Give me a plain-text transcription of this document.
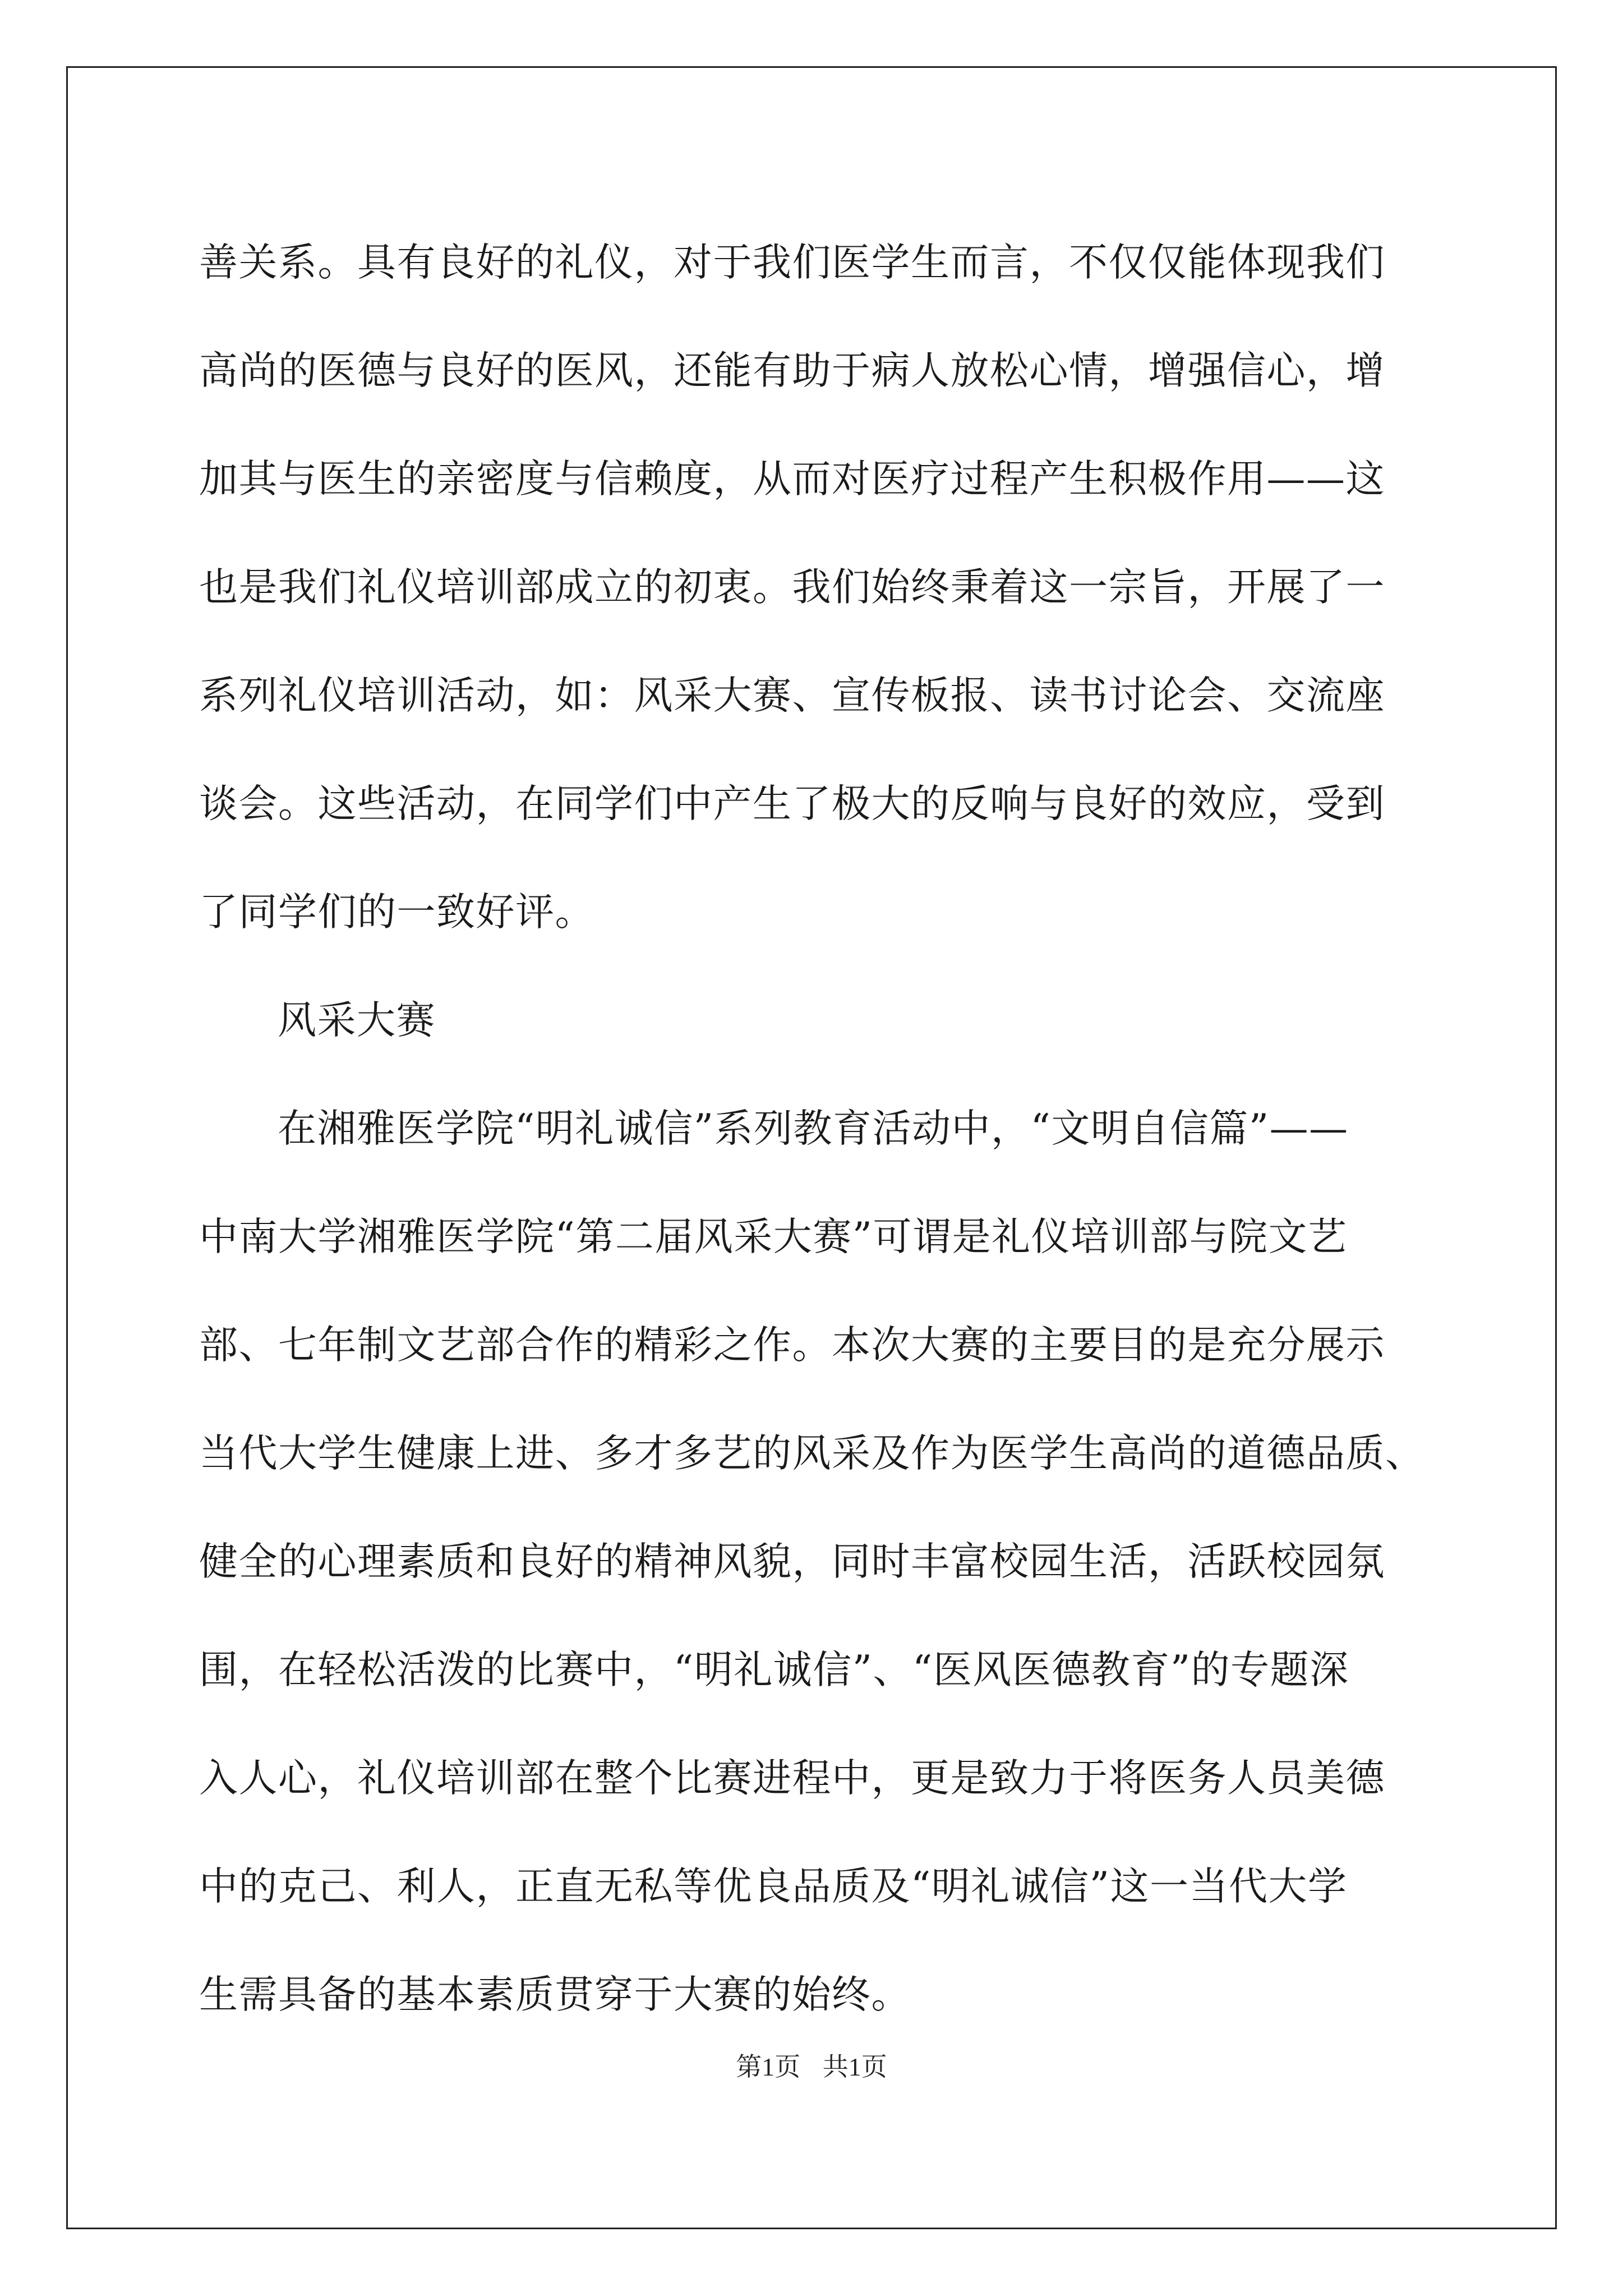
善关系。具有良好的礼仪，对于我们医学生而言，不仅仅能体现我们
高尚的医德与良好的医风，还能有助于病人放松心情，增强信心，增
加其与医生的亲密度与信赖度，从而对医疗过程产生积极作用——这
也是我们礼仪培训部成立的初衷。我们始终秉着这一宗旨，开展了一
系列礼仪培训活动，如：风采大赛、宣传板报、读书讨论会、交流座
谈会。这些活动，在同学们中产生了极大的反响与良好的效应，受到
了同学们的一致好评。

风采大赛

在湘雅医学院“明礼诚信”系列教育活动中，“文明自信篇”——
中南大学湘雅医学院“第二届风采大赛”可谓是礼仪培训部与院文艺
部、七年制文艺部合作的精彩之作。本次大赛的主要目的是充分展示
当代大学生健康上进、多才多艺的风采及作为医学生高尚的道德品质、
健全的心理素质和良好的精神风貌，同时丰富校园生活，活跃校园氛
围，在轻松活泼的比赛中，“明礼诚信”、“医风医德教育”的专题深
入人心，礼仪培训部在整个比赛进程中，更是致力于将医务人员美德
中的克己、利人，正直无私等优良品质及“明礼诚信”这一当代大学
生需具备的基本素质贯穿于大赛的始终。

第1页 共1页
